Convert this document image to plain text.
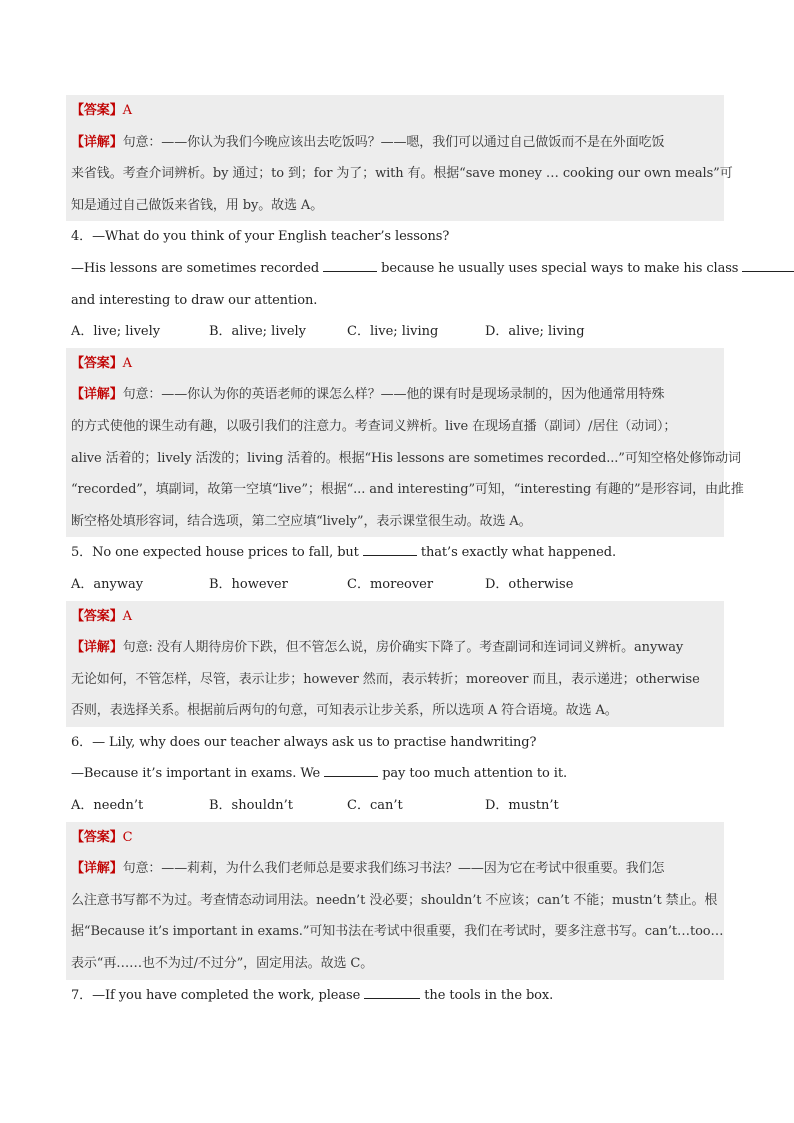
【答案】A
【详解】句意：——你认为我们今晚应该出去吃饭吗？——嗯，我们可以通过自己做饭而不是在外面吃饭
来省钱。考查介词辨析。by 通过；to 到；for 为了；with 有。根据“save money … cooking our own meals”可
知是通过自己做饭来省钱，用 by。故选 A。
4．—What do you think of your English teacher’s lessons?
—His lessons are sometimes recorded	because he usually uses special ways to make his class
and interesting to draw our attention.
A．live; lively	B．alive; lively	C．live; living	D．alive; living
【答案】A
【详解】句意：——你认为你的英语老师的课怎么样？——他的课有时是现场录制的，因为他通常用特殊
的方式使他的课生动有趣，以吸引我们的注意力。考查词义辨析。live 在现场直播（副词）/居住（动词）；
alive 活着的；lively 活泼的；living 活着的。根据“His lessons are sometimes recorded...”可知空格处修饰动词
“recorded”，填副词，故第一空填“live”；根据“... and interesting”可知，“interesting 有趣的”是形容词，由此推
断空格处填形容词，结合选项，第二空应填“lively”，表示课堂很生动。故选 A。
5．No one expected house prices to fall, but	that’s exactly what happened.
A．anyway	B．however	C．moreover	D．otherwise
【答案】A
【详解】句意: 没有人期待房价下跌，但不管怎么说，房价确实下降了。考查副词和连词词义辨析。anyway
无论如何，不管怎样，尽管，表示让步；however 然而，表示转折；moreover 而且，表示递进；otherwise
否则，表选择关系。根据前后两句的句意，可知表示让步关系，所以选项 A 符合语境。故选 A。
6．— Lily, why does our teacher always ask us to practise handwriting?
—Because it’s important in exams. We	pay too much attention to it.
A．needn’t	B．shouldn’t	C．can’t	D．mustn’t
【答案】C
【详解】句意：——莉莉，为什么我们老师总是要求我们练习书法？——因为它在考试中很重要。我们怎
么注意书写都不为过。考查情态动词用法。needn’t 没必要；shouldn’t 不应该；can’t 不能；mustn’t 禁止。根
据“Because it’s important in exams.”可知书法在考试中很重要，我们在考试时，要多注意书写。can’t…too…
表示“再……也不为过/不过分”，固定用法。故选 C。
7．—If you have completed the work, please	the tools in the box.
